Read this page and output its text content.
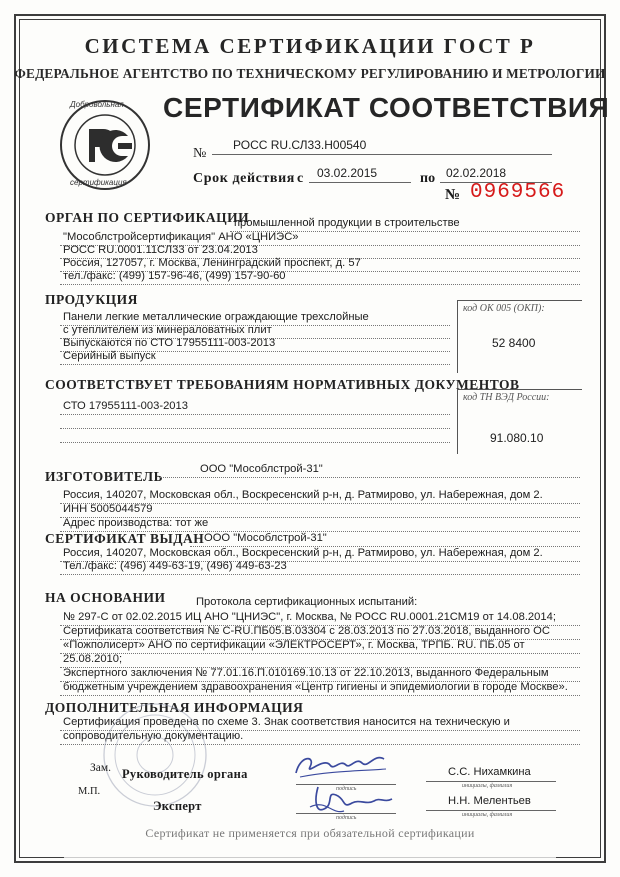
СИСТЕМА СЕРТИФИКАЦИИ ГОСТ Р
ФЕДЕРАЛЬНОЕ АГЕНТСТВО ПО ТЕХНИЧЕСКОМУ РЕГУЛИРОВАНИЮ И МЕТРОЛОГИИ
Добровольная
сертификация
СЕРТИФИКАТ СООТВЕТСТВИЯ
№
РОСС RU.СЛ33.Н00540
Срок действия с 03.02.2015	по 02.02.2018
№ 0969566
ОРГАН ПО СЕРТИФИКАЦИИ
промышленной продукции в строительстве
"Мособлстройсертификация" АНО «ЦНИЭС»
РОСС RU.0001.11СЛ33 от 23.04.2013
Россия, 127057, г. Москва, Ленинградский проспект, д. 57
тел./факс: (499) 157-96-46, (499) 157-90-60
ПРОДУКЦИЯ
Панели легкие металлические ограждающие трехслойные
с утеплителем из минераловатных плит
Выпускаются по СТО 17955111-003-2013
Серийный выпуск
код ОК 005 (ОКП):
52 8400
СООТВЕТСТВУЕТ ТРЕБОВАНИЯМ НОРМАТИВНЫХ ДОКУМЕНТОВ
СТО 17955111-003-2013
код ТН ВЭД России:
91.080.10
ИЗГОТОВИТЕЛЬ	ООО "Мособлстрой-31"
Россия, 140207, Московская обл., Воскресенский р-н, д. Ратмирово, ул. Набережная, дом 2.
ИНН 5005044579
Адрес производства: тот же
СЕРТИФИКАТ ВЫДАН ООО "Мособлстрой-31"
Россия, 140207, Московская обл., Воскресенский р-н, д. Ратмирово, ул. Набережная, дом 2.
Тел./факс: (496) 449-63-19, (496) 449-63-23
НА ОСНОВАНИИ	Протокола сертификационных испытаний:
№ 297-С от 02.02.2015 ИЦ АНО "ЦНИЭС", г. Москва, № РОСС RU.0001.21СМ19 от 14.08.2014;
Сертификата соответствия № С-RU.ПБ05.В.03304 с 28.03.2013 по 27.03.2018, выданного ОС
«Пожполисерт» АНО по сертификации «ЭЛЕКТРОСЕРТ», г. Москва, ТРПБ. RU. ПБ.05 от
25.08.2010;
Экспертного заключения № 77.01.16.П.010169.10.13 от 22.10.2013, выданного Федеральным
бюджетным учреждением здравоохранения «Центр гигиены и эпидемиологии в городе Москве».
ДОПОЛНИТЕЛЬНАЯ ИНФОРМАЦИЯ
Сертификация проведена по схеме 3. Знак соответствия наносится на техническую и
сопроводительную документацию.
Зам. Руководитель органа
подпись
С.С. Нихамкина
инициалы, фамилия
М.П.
Эксперт
подпись
Н.Н. Мелентьев
инициалы, фамилия
Сертификат не применяется при обязательной сертификации
